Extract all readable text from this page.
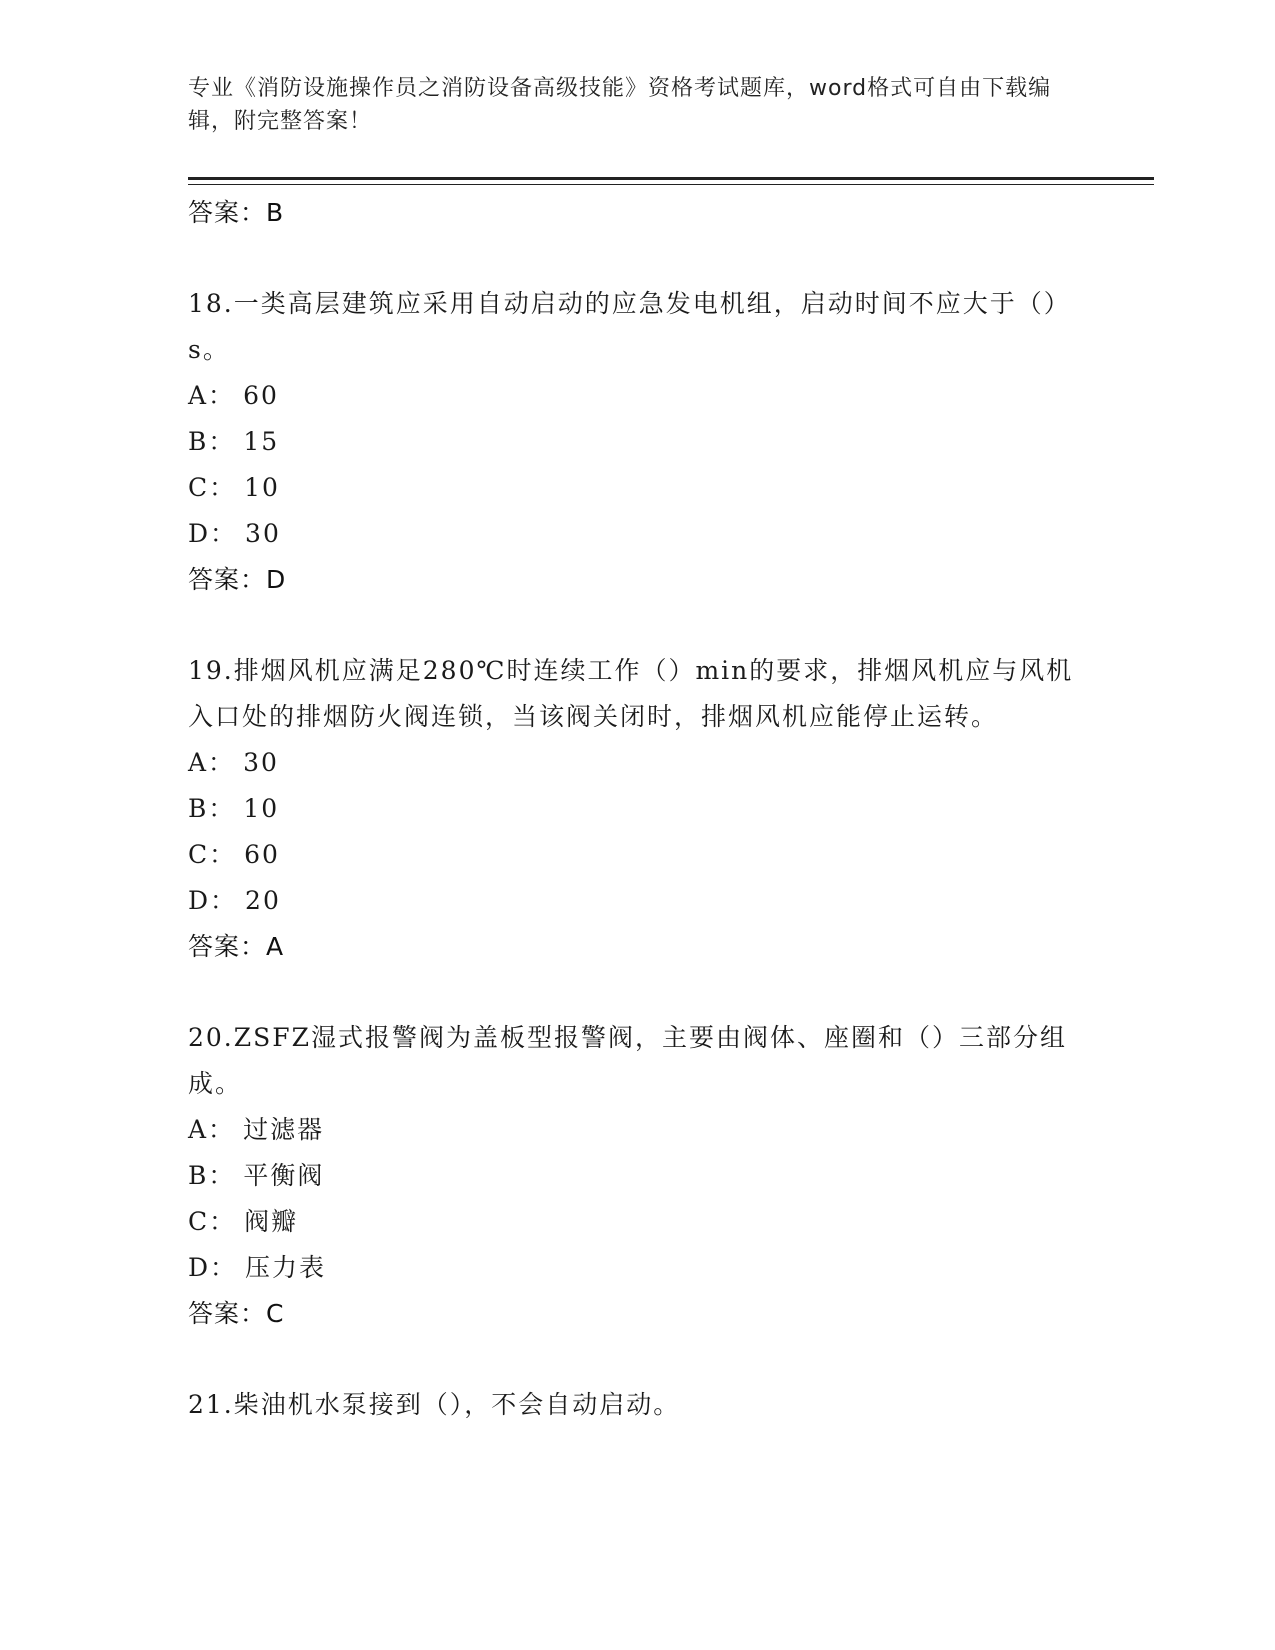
专业《消防设施操作员之消防设备高级技能》资格考试题库，word格式可自由下载编辑，附完整答案！
答案：B
18.一类高层建筑应采用自动启动的应急发电机组，启动时间不应大于（）s。
A： 60
B： 15
C： 10
D： 30
答案：D
19.排烟风机应满足280℃时连续工作（）min的要求，排烟风机应与风机入口处的排烟防火阀连锁，当该阀关闭时，排烟风机应能停止运转。
A： 30
B： 10
C： 60
D： 20
答案：A
20.ZSFZ湿式报警阀为盖板型报警阀，主要由阀体、座圈和（）三部分组成。
A： 过滤器
B： 平衡阀
C： 阀瓣
D： 压力表
答案：C
21.柴油机水泵接到（），不会自动启动。
